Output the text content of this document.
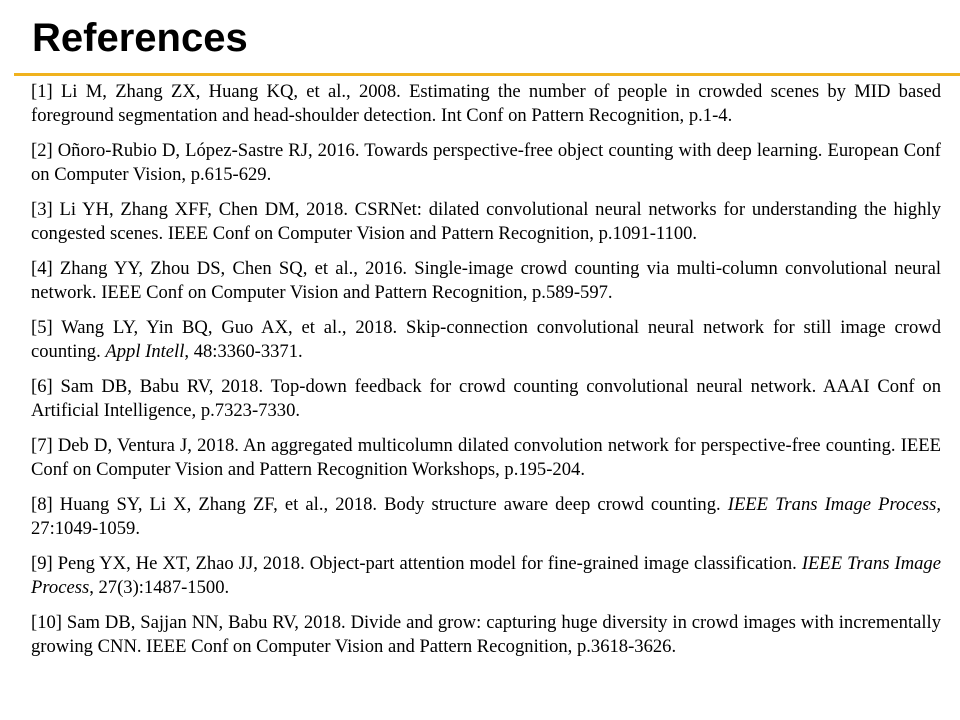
References

[1] Li M, Zhang ZX, Huang KQ, et al., 2008. Estimating the number of people in crowded scenes by MID based foreground segmentation and head-shoulder detection. Int Conf on Pattern Recognition, p.1-4.

[2] Oñoro-Rubio D, López-Sastre RJ, 2016. Towards perspective-free object counting with deep learning. European Conf on Computer Vision, p.615-629.

[3] Li YH, Zhang XFF, Chen DM, 2018. CSRNet: dilated convolutional neural networks for understanding the highly congested scenes. IEEE Conf on Computer Vision and Pattern Recognition, p.1091-1100.

[4] Zhang YY, Zhou DS, Chen SQ, et al., 2016. Single-image crowd counting via multi-column convolutional neural network. IEEE Conf on Computer Vision and Pattern Recognition, p.589-597.

[5] Wang LY, Yin BQ, Guo AX, et al., 2018. Skip-connection convolutional neural network for still image crowd counting. Appl Intell, 48:3360-3371.

[6] Sam DB, Babu RV, 2018. Top-down feedback for crowd counting convolutional neural network. AAAI Conf on Artificial Intelligence, p.7323-7330.

[7] Deb D, Ventura J, 2018. An aggregated multicolumn dilated convolution network for perspective-free counting. IEEE Conf on Computer Vision and Pattern Recognition Workshops, p.195-204.

[8] Huang SY, Li X, Zhang ZF, et al., 2018. Body structure aware deep crowd counting. IEEE Trans Image Process, 27:1049-1059.

[9] Peng YX, He XT, Zhao JJ, 2018. Object-part attention model for fine-grained image classification. IEEE Trans Image Process, 27(3):1487-1500.

[10] Sam DB, Sajjan NN, Babu RV, 2018. Divide and grow: capturing huge diversity in crowd images with incrementally growing CNN. IEEE Conf on Computer Vision and Pattern Recognition, p.3618-3626.
